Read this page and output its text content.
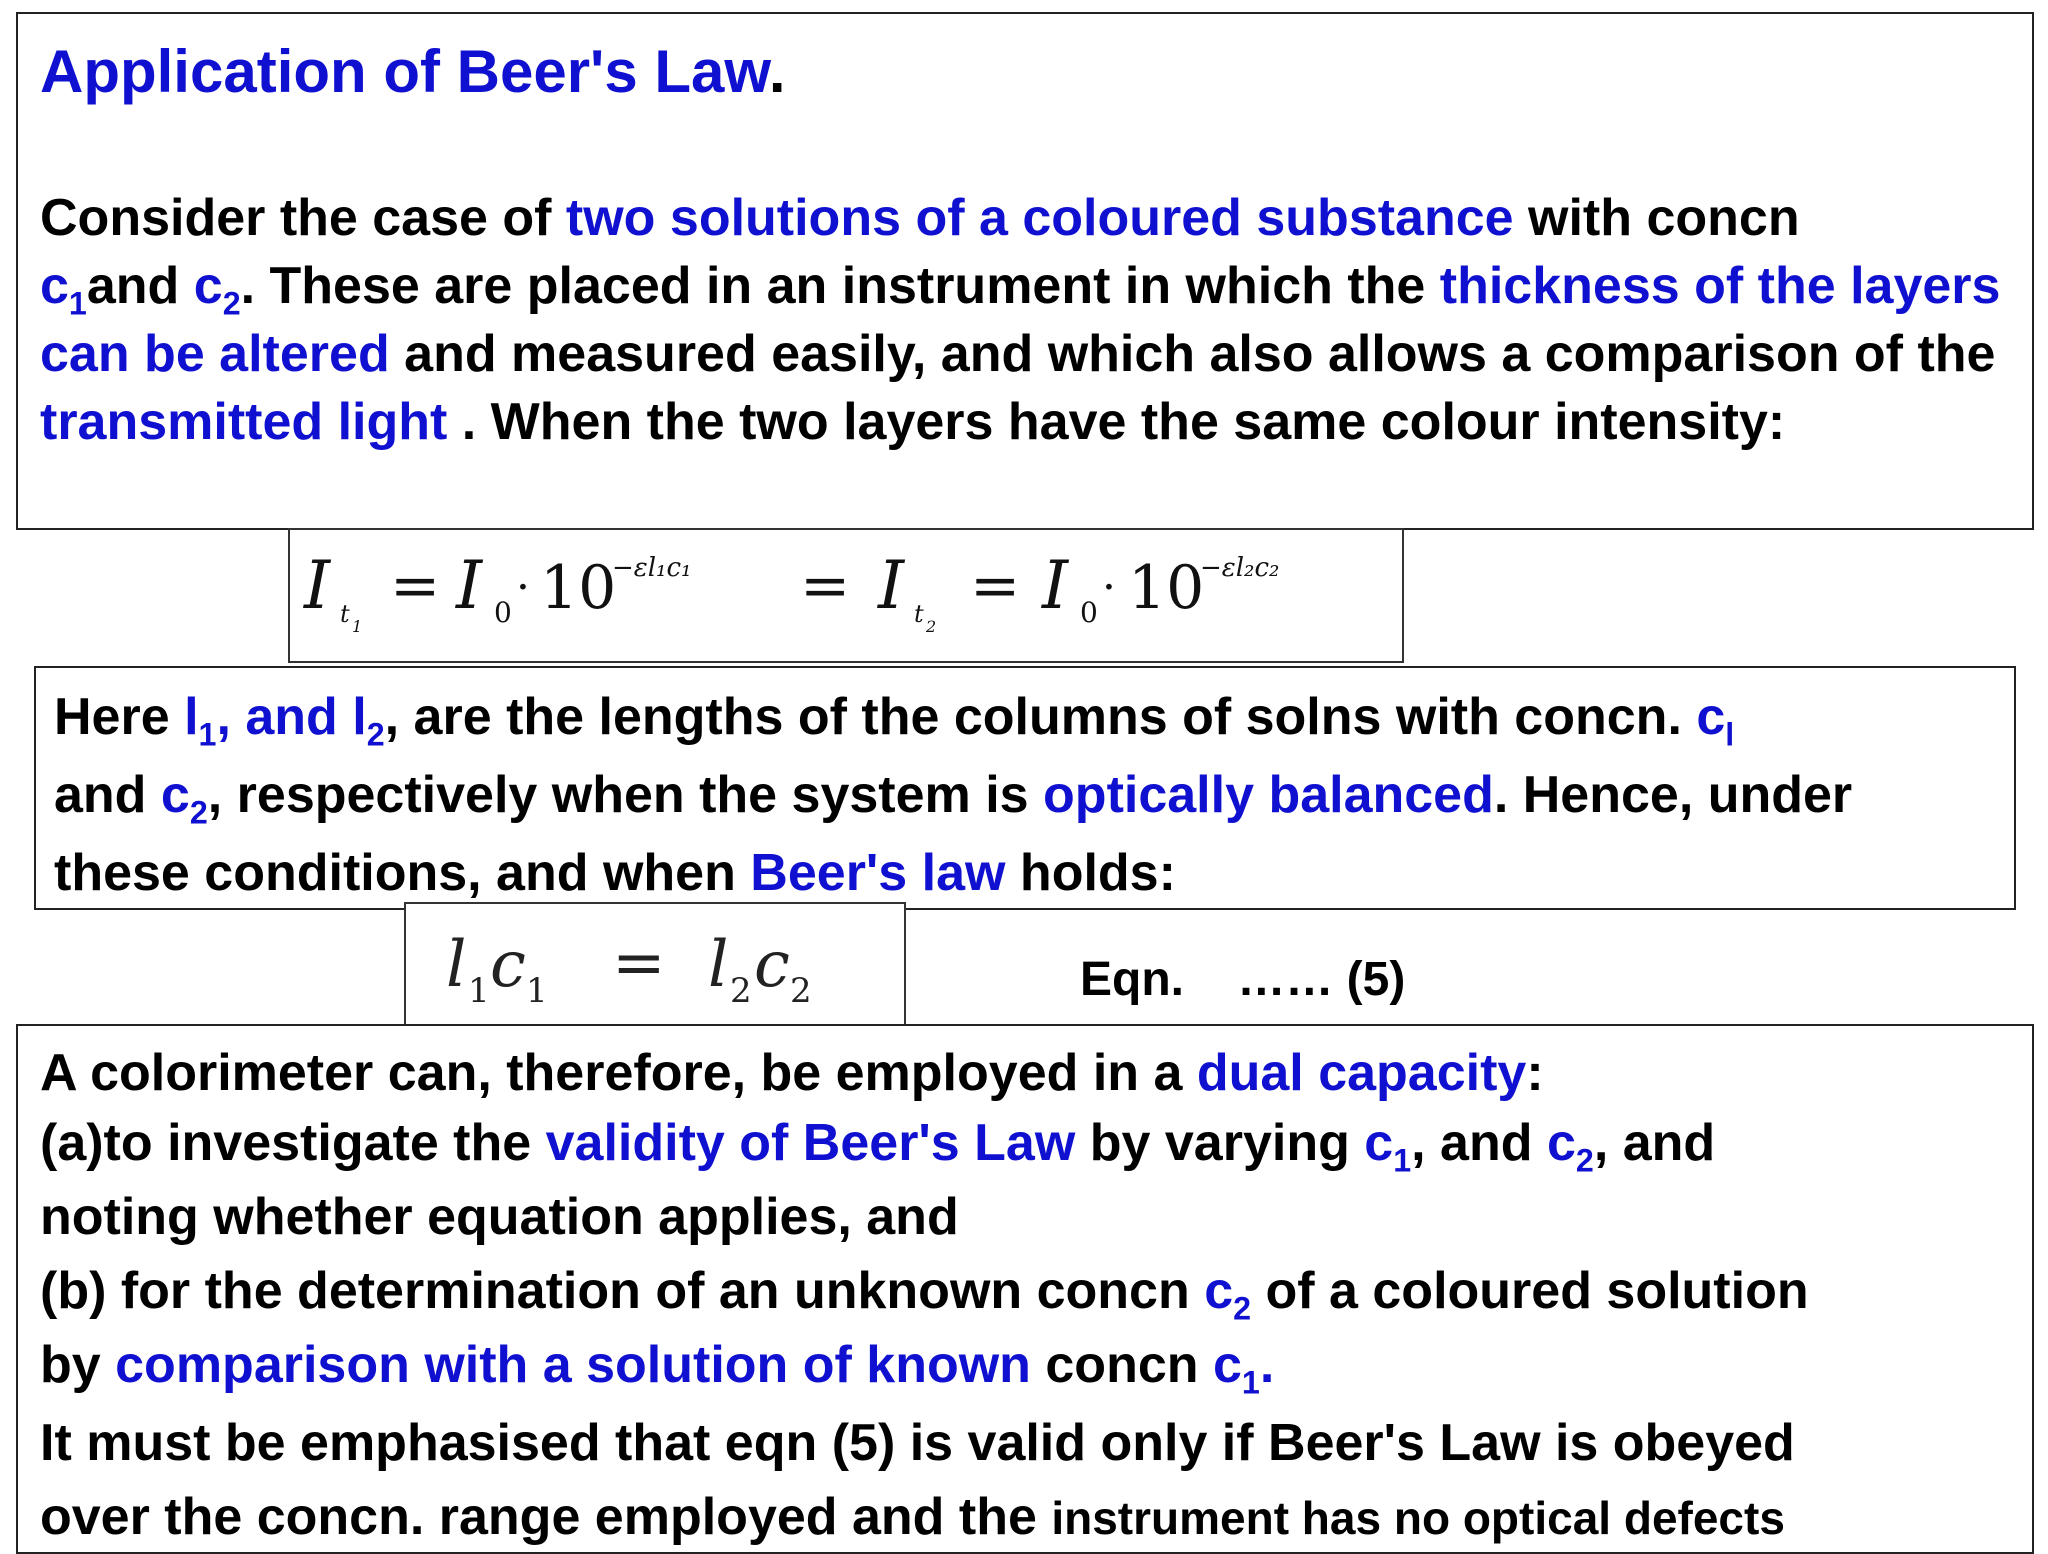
Application of Beer's Law.

Consider the case of two solutions of a coloured substance with concn
$c_1and$ $c_2$. These are placed in an instrument in which the thickness of the layers can be altered and measured easily, and which also allows a comparison of the transmitted light . When the two layers have the same colour intensity:

I t 1
= I 0 · 10
−εl₁c₁ = I t 2
= I 0 · 10
−εl₂c₂

Here $l_1$, and $l_2$, are the lengths of the columns of solns with concn. $c_l$
and $c_2$, respectively when the system is optically balanced. Hence, under these conditions, and when Beer's law holds:

l 1 c 1 = l 2 c 2	Eqn.    …… (5)
A colorimeter can, therefore, be employed in a dual capacity:
(a)to investigate the validity of Beer's Law by varying $c_1$, and $c_2$, and
noting whether equation applies, and
(b) for the determination of an unknown concn $c_2$ of a coloured solution
by comparison with a solution of known concn $c_1$.
It must be emphasised that eqn (5) is valid only if Beer's Law is obeyed
over the concn. range employed and the instrument has no optical defects
